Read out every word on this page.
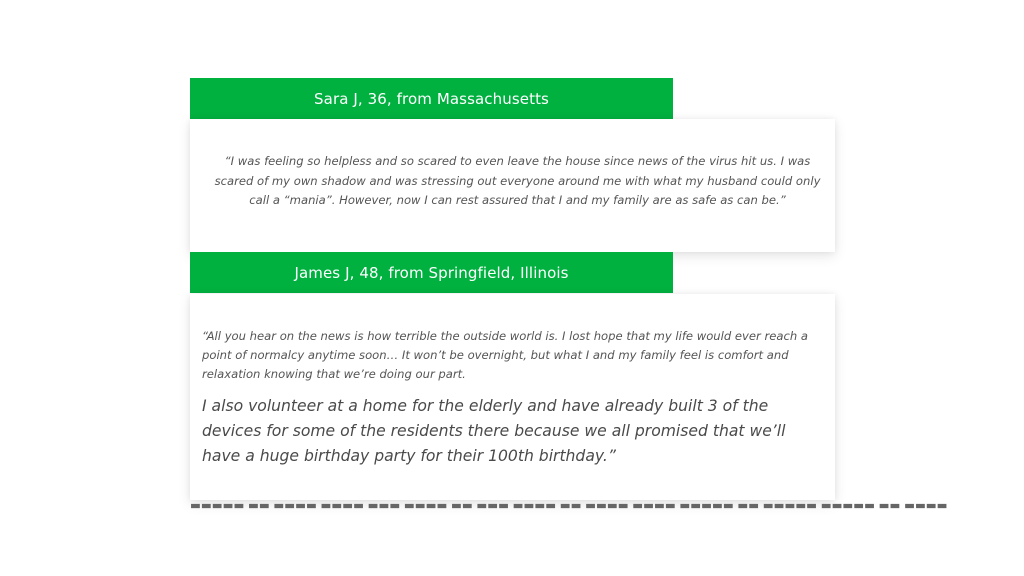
Sara J, 36, from Massachusetts

“I was feeling so helpless and so scared to even leave the house since news of the virus hit us. I was scared of my own shadow and was stressing out everyone around me with what my husband could only call a “mania”. However, now I can rest assured that I and my family are as safe as can be.”

James J, 48, from Springfield, Illinois

“All you hear on the news is how terrible the outside world is. I lost hope that my life would ever reach a point of normalcy anytime soon… It won’t be overnight, but what I and my family feel is comfort and relaxation knowing that we’re doing our part.

I also volunteer at a home for the elderly and have already built 3 of the devices for some of the residents there because we all promised that we’ll have a huge birthday party for their 100th birthday.”

▬▬▬▬▬ ▬▬ ▬▬▬▬ ▬▬▬▬ ▬▬▬ ▬▬▬▬ ▬▬ ▬▬▬ ▬▬▬▬ ▬▬ ▬▬▬▬ ▬▬▬▬ ▬▬▬▬▬ ▬▬ ▬▬▬▬▬ ▬▬▬▬▬ ▬▬ ▬▬▬▬
